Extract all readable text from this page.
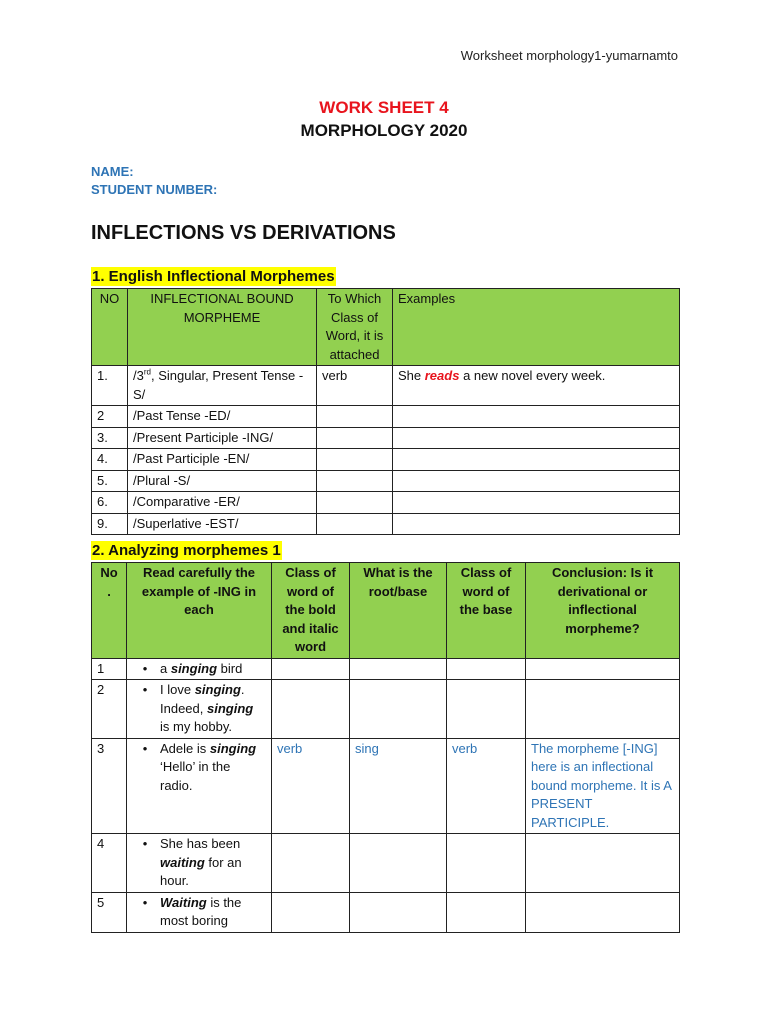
Worksheet morphology1-yumarnamto
WORK SHEET 4
MORPHOLOGY 2020
NAME:
STUDENT NUMBER:
INFLECTIONS VS DERIVATIONS
1. English Inflectional Morphemes
NO	INFLECTIONAL BOUND MORPHEME	To Which Class of Word, it is attached	Examples
1.	/3rd, Singular, Present Tense -S/	verb	She reads a new novel every week.
2	/Past Tense -ED/		
3.	/Present Participle -ING/		
4.	/Past Participle -EN/		
5.	/Plural -S/		
6.	/Comparative -ER/		
9.	/Superlative -EST/		
2. Analyzing morphemes 1
No .	Read carefully the example of -ING in each	Class of word of the bold and italic word	What is the root/base	Class of word of the base	Conclusion: Is it derivational or inflectional morpheme?
1	• a singing bird				

2	• I love singing. Indeed, singing is my hobby.				

3	• Adele is singing ‘Hello’ in the radio.	verb	sing	verb	The morpheme [-ING] here is an inflectional bound morpheme. It is A PRESENT PARTICIPLE.
4	• She has been waiting for an hour.				

5	• Waiting is the most boring				
